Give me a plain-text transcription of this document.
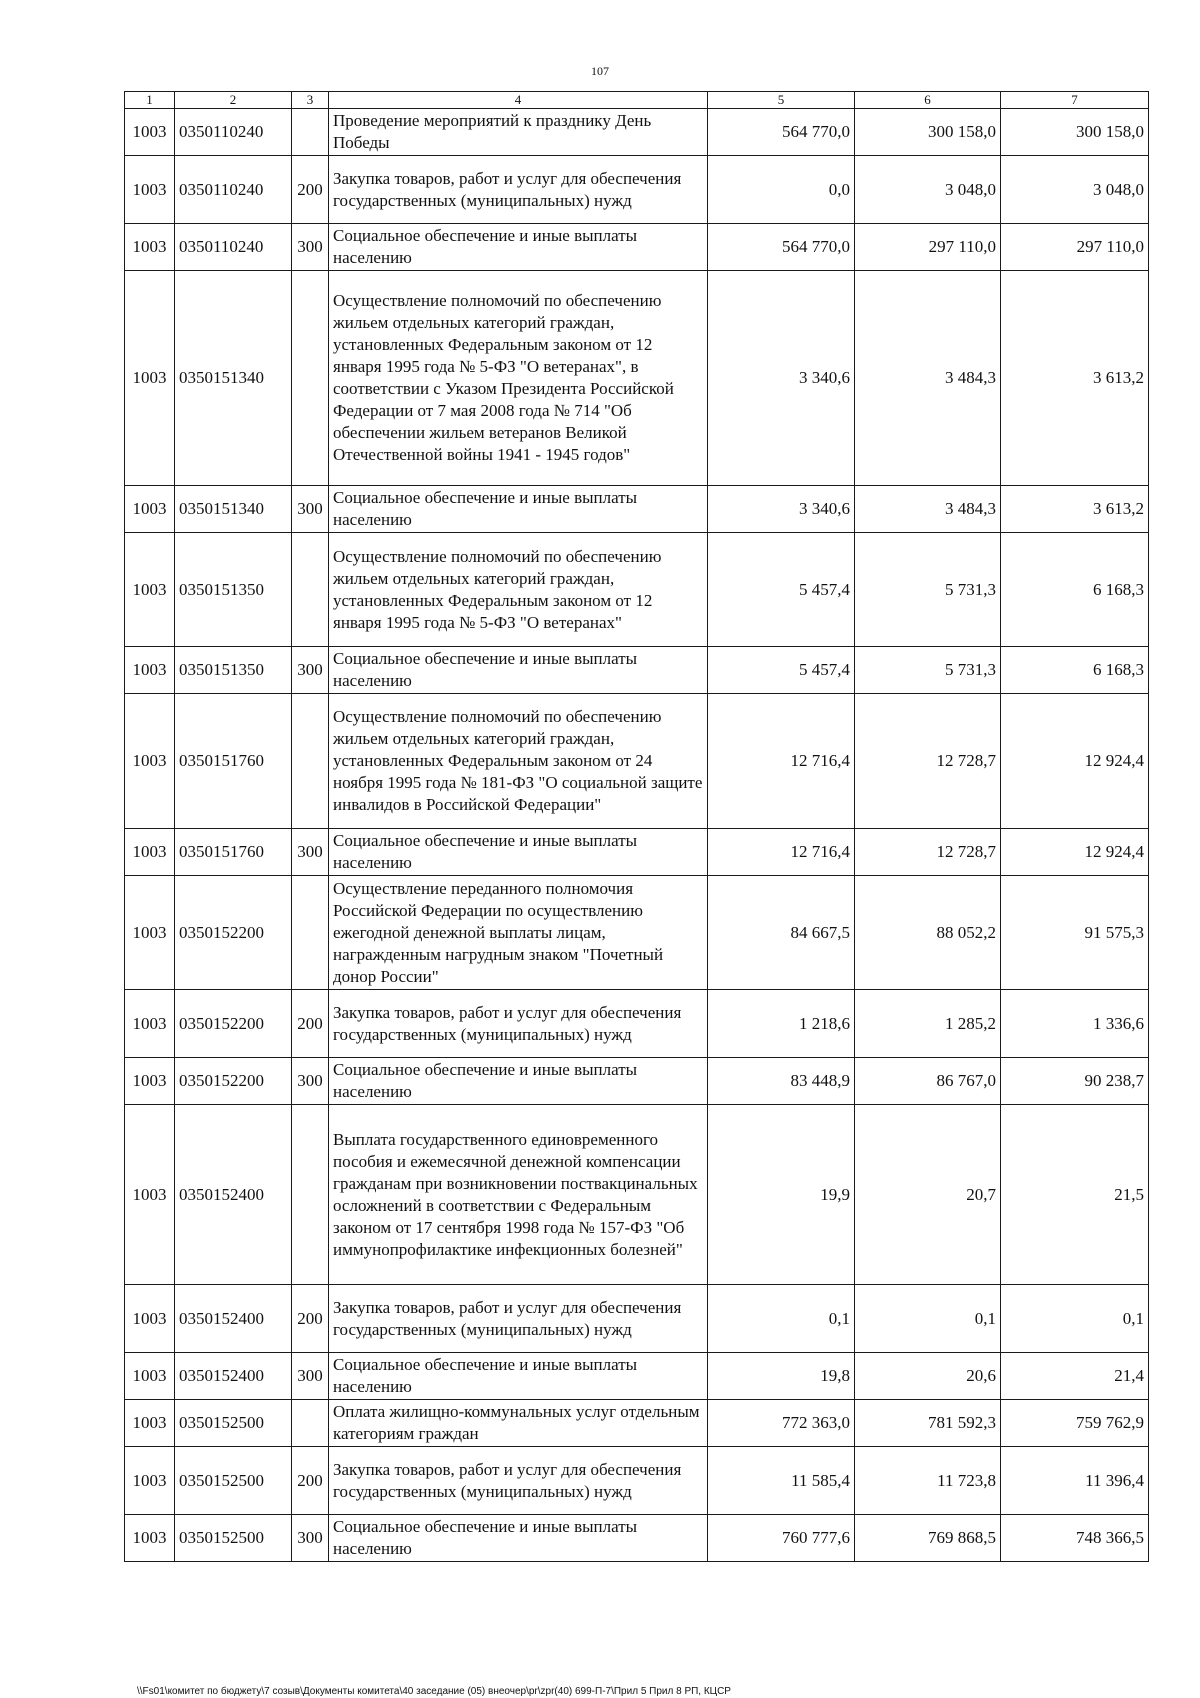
107
1	2	3	4	5	6	7
1003	0350110240		Проведение мероприятий к празднику День Победы	564 770,0	300 158,0	300 158,0
1003	0350110240	200	Закупка товаров, работ и услуг для обеспечения государственных (муниципальных) нужд	0,0	3 048,0	3 048,0
1003	0350110240	300	Социальное обеспечение и иные выплаты населению	564 770,0	297 110,0	297 110,0
1003	0350151340		Осуществление полномочий по обеспечению жильем отдельных категорий граждан, установленных Федеральным законом от 12 января 1995 года № 5-ФЗ "О ветеранах", в соответствии с Указом Президента Российской Федерации от 7 мая 2008 года № 714 "Об обеспечении жильем ветеранов Великой Отечественной войны 1941 - 1945 годов"	3 340,6	3 484,3	3 613,2
1003	0350151340	300	Социальное обеспечение и иные выплаты населению	3 340,6	3 484,3	3 613,2
1003	0350151350		Осуществление полномочий по обеспечению жильем отдельных категорий граждан, установленных Федеральным законом от 12 января 1995 года № 5-ФЗ "О ветеранах"	5 457,4	5 731,3	6 168,3
1003	0350151350	300	Социальное обеспечение и иные выплаты населению	5 457,4	5 731,3	6 168,3
1003	0350151760		Осуществление полномочий по обеспечению жильем отдельных категорий граждан, установленных Федеральным законом от 24 ноября 1995 года № 181-ФЗ "О социальной защите инвалидов в Российской Федерации"	12 716,4	12 728,7	12 924,4
1003	0350151760	300	Социальное обеспечение и иные выплаты населению	12 716,4	12 728,7	12 924,4
1003	0350152200		Осуществление переданного полномочия Российской Федерации по осуществлению ежегодной денежной выплаты лицам, награжденным нагрудным знаком "Почетный донор России"	84 667,5	88 052,2	91 575,3
1003	0350152200	200	Закупка товаров, работ и услуг для обеспечения государственных (муниципальных) нужд	1 218,6	1 285,2	1 336,6
1003	0350152200	300	Социальное обеспечение и иные выплаты населению	83 448,9	86 767,0	90 238,7
1003	0350152400		Выплата государственного единовременного пособия и ежемесячной денежной компенсации гражданам при возникновении поствакцинальных осложнений в соответствии с Федеральным законом от 17 сентября 1998 года № 157-ФЗ "Об иммунопрофилактике инфекционных болезней"	19,9	20,7	21,5
1003	0350152400	200	Закупка товаров, работ и услуг для обеспечения государственных (муниципальных) нужд	0,1	0,1	0,1
1003	0350152400	300	Социальное обеспечение и иные выплаты населению	19,8	20,6	21,4
1003	0350152500		Оплата жилищно-коммунальных услуг отдельным категориям граждан	772 363,0	781 592,3	759 762,9
1003	0350152500	200	Закупка товаров, работ и услуг для обеспечения государственных (муниципальных) нужд	11 585,4	11 723,8	11 396,4
1003	0350152500	300	Социальное обеспечение и иные выплаты населению	760 777,6	769 868,5	748 366,5
\\Fs01\комитет по бюджету\7 созыв\Документы комитета\40 заседание (05) внеочер\pr\zpr(40) 699-П-7\Прил 5 Прил 8 РП, КЦСР
